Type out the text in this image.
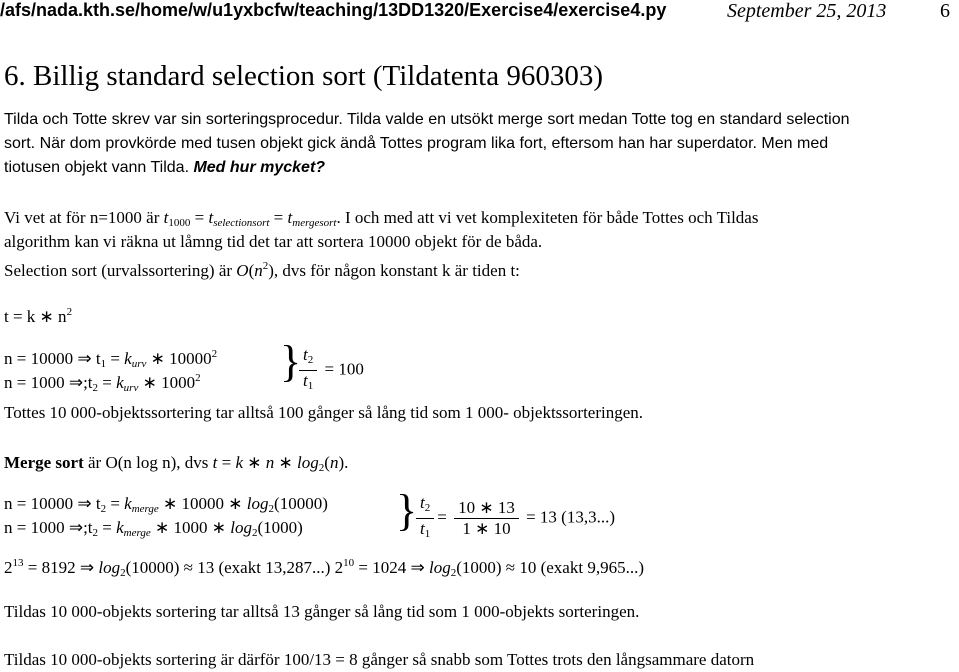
/afs/nada.kth.se/home/w/u1yxbcfw/teaching/13DD1320/Exercise4/exercise4.py	September 25, 2013	6
6. Billig standard selection sort (Tildatenta 960303)
Tilda och Totte skrev var sin sorteringsprocedur. Tilda valde en utsökt merge sort medan Totte tog en standard selection
sort. När dom provkörde med tusen objekt gick ändå Tottes program lika fort, eftersom han har superdator. Men med
tiotusen objekt vann Tilda. Med hur mycket?
Vi vet at för n=1000 är $t_{1000} = t_{selectionsort} = t_{mergesort}$. I och med att vi vet komplexiteten för både Tottes och Tildas
algorithm kan vi räkna ut låmng tid det tar att sortera 10000 objekt för de båda.
Selection sort (urvalssortering) är $O(n^2)$, dvs för någon konstant k är tiden t:
t = k ∗ $n^2$
n = 10000 ⇒ $t_1 = k_{urv}$ ∗ 10000$^2$
n = 1000 $\Rightarrow;t_2 = k_{urv}$ ∗ 1000$^2$ }
$\frac{t_2}{t_1} = 100$
Tottes 10 000-objektssortering tar alltså 100 gånger så lång tid som 1 000- objektssorteringen.
Merge sort är O(n log n), dvs t = k ∗ n ∗ $\log_2(n)$.
n = 10000 ⇒ $t_2 = k_{merge}$ ∗ 10000 ∗ $\log_2(10000)$
n = 1000 $\Rightarrow;t_2 = k_{merge}$ ∗ 1000 ∗ $\log_2(1000)$ }
$\frac{t_2}{t_1} = \frac{10 ∗ 13}{1 ∗ 10} = 13$ (13,3...)
$2^{13} = 8192$ ⇒ $\log_2(10000) \approx 13$ (exakt 13,287...) $2^{10} = 1024$ ⇒ $\log_2(1000) \approx 10$ (exakt 9,965...)
Tildas 10 000-objekts sortering tar alltså 13 gånger så lång tid som 1 000-objekts sorteringen.
Tildas 10 000-objekts sortering är därför 100/13 = 8 gånger så snabb som Tottes trots den långsammare datorn
